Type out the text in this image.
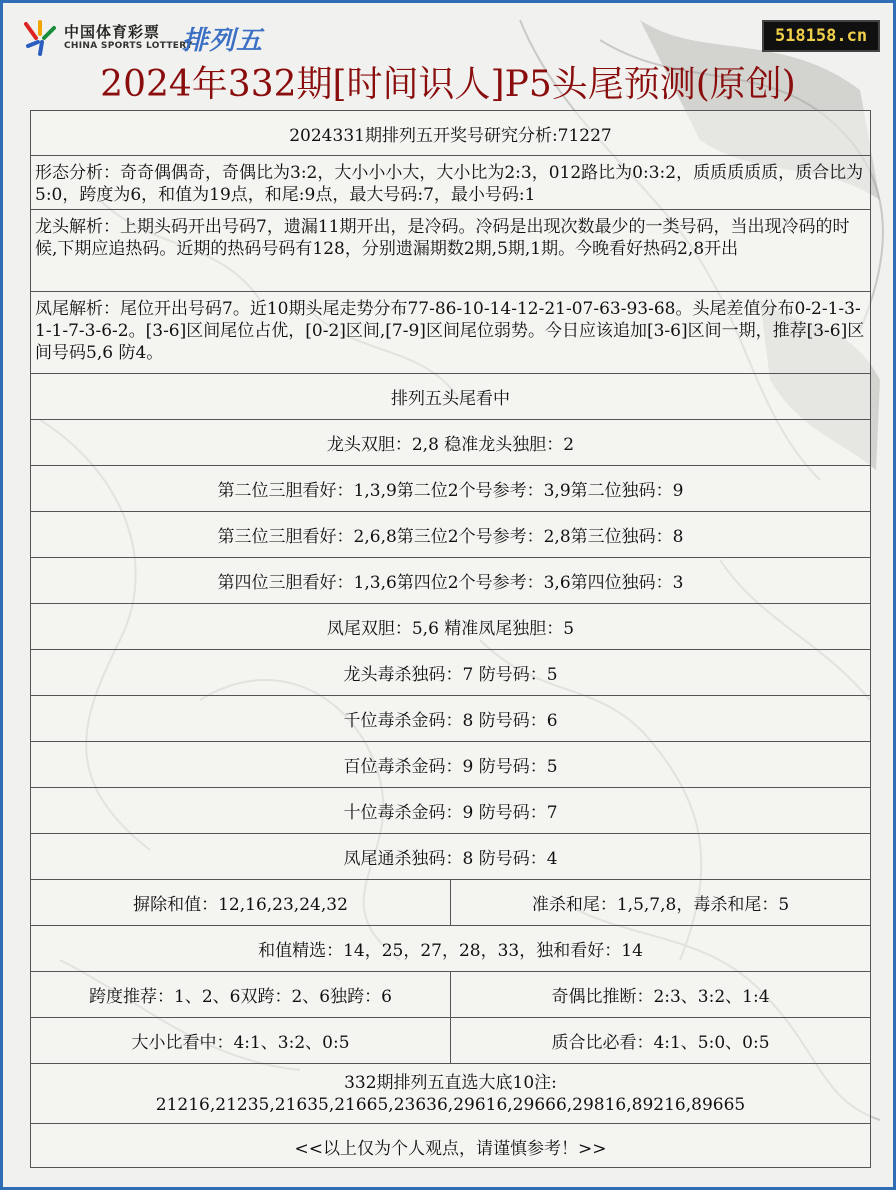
中国体育彩票
CHINA SPORTS LOTTERY
排列五	518158.cn
2024年332期[时间识人]P5头尾预测(原创)
2024331期排列五开奖号研究分析:71227
形态分析：奇奇偶偶奇，奇偶比为3:2，大小小小大，大小比为2:3，012路比为0:3:2，质质质质质，质合比为5:0，跨度为6，和值为19点，和尾:9点，最大号码:7，最小号码:1
龙头解析：上期头码开出号码7，遗漏11期开出，是冷码。冷码是出现次数最少的一类号码，当出现冷码的时候,下期应追热码。近期的热码号码有128，分别遗漏期数2期,5期,1期。今晚看好热码2,8开出
凤尾解析：尾位开出号码7。近10期头尾走势分布77-86-10-14-12-21-07-63-93-68。头尾差值分布0-2-1-3-1-1-7-3-6-2。[3-6]区间尾位占优，[0-2]区间,[7-9]区间尾位弱势。今日应该追加[3-6]区间一期，推荐[3-6]区间号码5,6 防4。
排列五头尾看中
龙头双胆：2,8 稳准龙头独胆：2
第二位三胆看好：1,3,9第二位2个号参考：3,9第二位独码：9
第三位三胆看好：2,6,8第三位2个号参考：2,8第三位独码：8
第四位三胆看好：1,3,6第四位2个号参考：3,6第四位独码：3
凤尾双胆：5,6 精准凤尾独胆：5
龙头毒杀独码：7 防号码：5
千位毒杀金码：8 防号码：6
百位毒杀金码：9 防号码：5
十位毒杀金码：9 防号码：7
凤尾通杀独码：8 防号码：4
摒除和值：12,16,23,24,32	准杀和尾：1,5,7,8，毒杀和尾：5
和值精选：14，25，27，28，33，独和看好：14
跨度推荐：1、2、6双跨：2、6独跨：6	奇偶比推断：2:3、3:2、1:4
大小比看中：4:1、3:2、0:5	质合比必看：4:1、5:0、0:5
332期排列五直选大底10注:
21216,21235,21635,21665,23636,29616,29666,29816,89216,89665
<<以上仅为个人观点，请谨慎参考！>>
